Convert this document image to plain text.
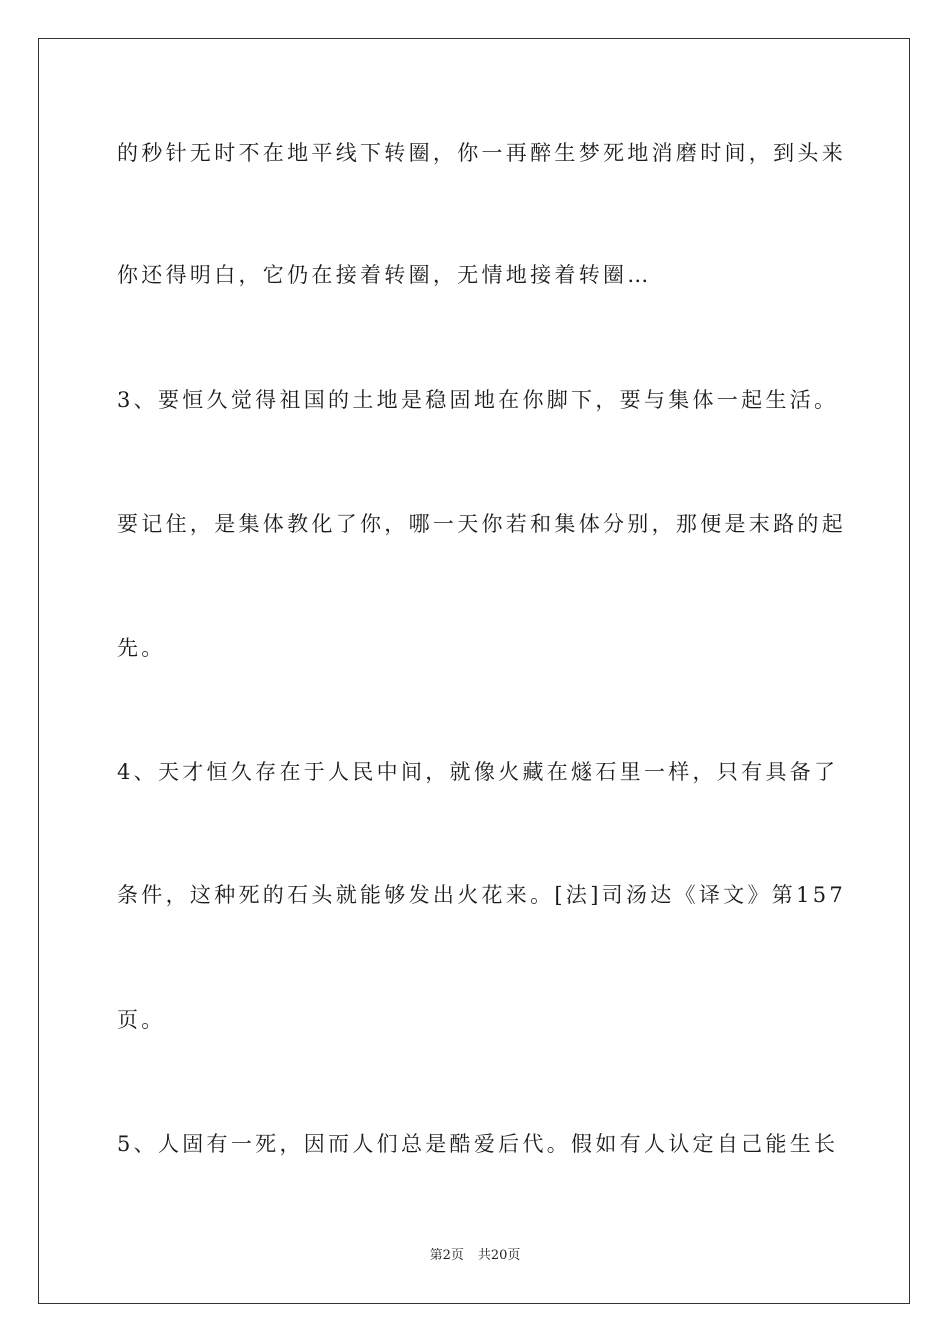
的秒针无时不在地平线下转圈，你一再醉生梦死地消磨时间，到头来

你还得明白，它仍在接着转圈，无情地接着转圈…

3、要恒久觉得祖国的土地是稳固地在你脚下，要与集体一起生活。

要记住，是集体教化了你，哪一天你若和集体分别，那便是末路的起

先。

4、天才恒久存在于人民中间，就像火藏在燧石里一样，只有具备了

条件，这种死的石头就能够发出火花来。[法]司汤达《译文》第157

页。

5、人固有一死，因而人们总是酷爱后代。假如有人认定自己能生长

第2页 共20页
